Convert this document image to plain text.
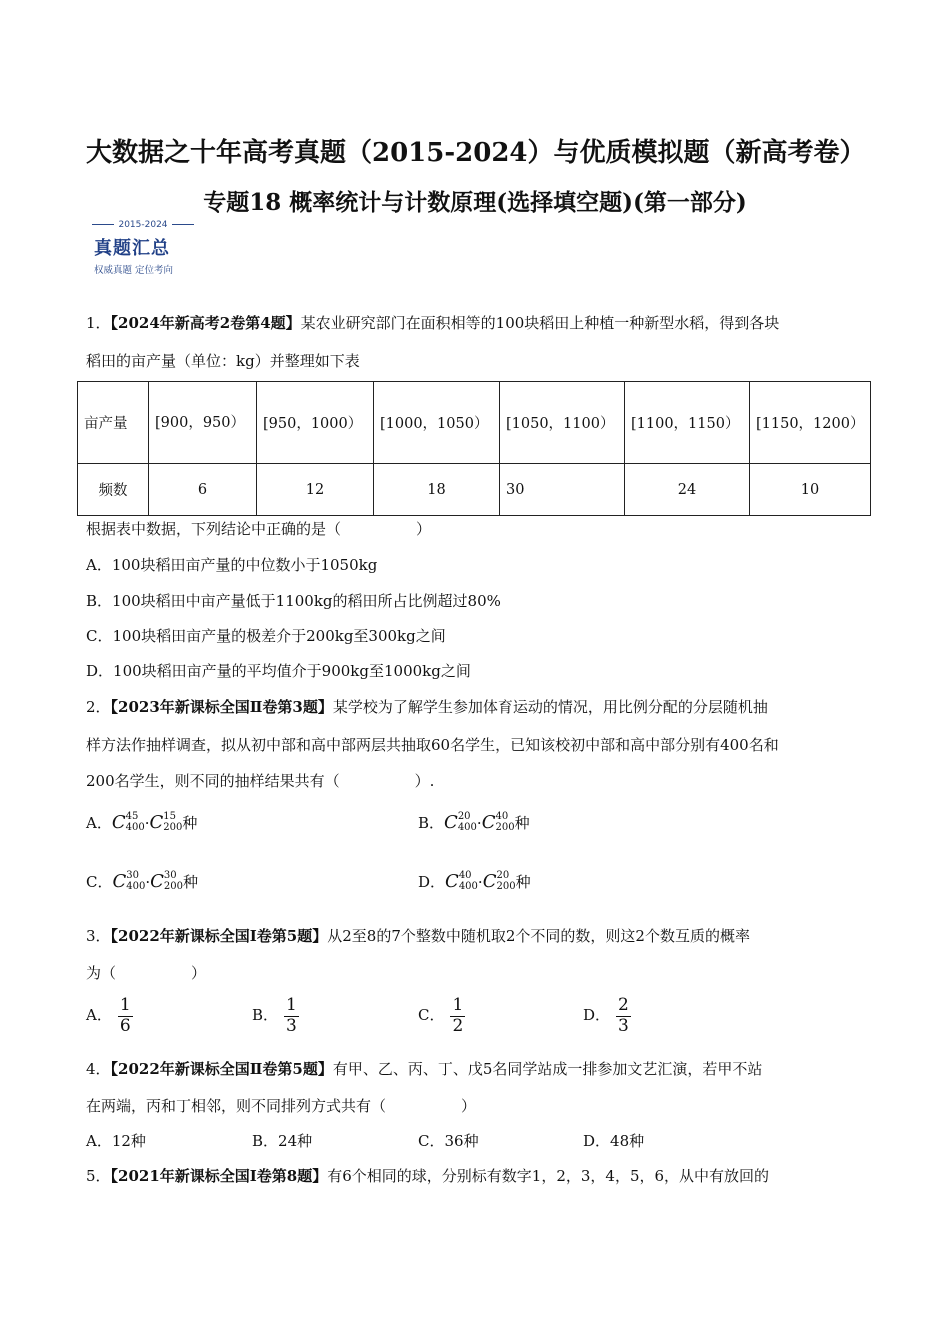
大数据之十年高考真题（2015-2024）与优质模拟题（新高考卷）
专题18 概率统计与计数原理(选择填空题)(第一部分)
2015-2024
真题汇总
权威真题 定位考向
1．【2024年新高考2卷第4题】某农业研究部门在面积相等的100块稻田上种植一种新型水稻，得到各块
稻田的亩产量（单位：kg）并整理如下表
亩产量	[900，950）	[950，1000）	[1000，1050）	[1050，1100）	[1100，1150）	[1150，1200）
频数	6	12	18	30	24	10
根据表中数据，下列结论中正确的是（　　　　　）
A．100块稻田亩产量的中位数小于1050kg
B．100块稻田中亩产量低于1100kg的稻田所占比例超过80%
C．100块稻田亩产量的极差介于200kg至300kg之间
D．100块稻田亩产量的平均值介于900kg至1000kg之间
2．【2023年新课标全国Ⅱ卷第3题】某学校为了解学生参加体育运动的情况，用比例分配的分层随机抽
样方法作抽样调查，拟从初中部和高中部两层共抽取60名学生，已知该校初中部和高中部分别有400名和
200名学生，则不同的抽样结果共有（　　　　　）.
A．C 45
400 ·C 15
200 种	B．C 20
400 ·C 40
200 种
C．C 30
400 ·C 30
200 种	D．C 40
400 ·C 20
200 种
3．【2022年新课标全国Ⅰ卷第5题】从2至8的7个整数中随机取2个不同的数，则这2个数互质的概率
为（　　　　　）
A． $\frac{1}{6}$	B． $\frac{1}{3}$	C． $\frac{1}{2}$	D． $\frac{2}{3}$
4．【2022年新课标全国Ⅱ卷第5题】有甲、乙、丙、丁、戊5名同学站成一排参加文艺汇演，若甲不站
在两端，丙和丁相邻，则不同排列方式共有（　　　　　）
A．12种	B．24种	C．36种	D．48种
5．【2021年新课标全国Ⅰ卷第8题】有6个相同的球，分别标有数字1，2，3，4，5，6，从中有放回的
